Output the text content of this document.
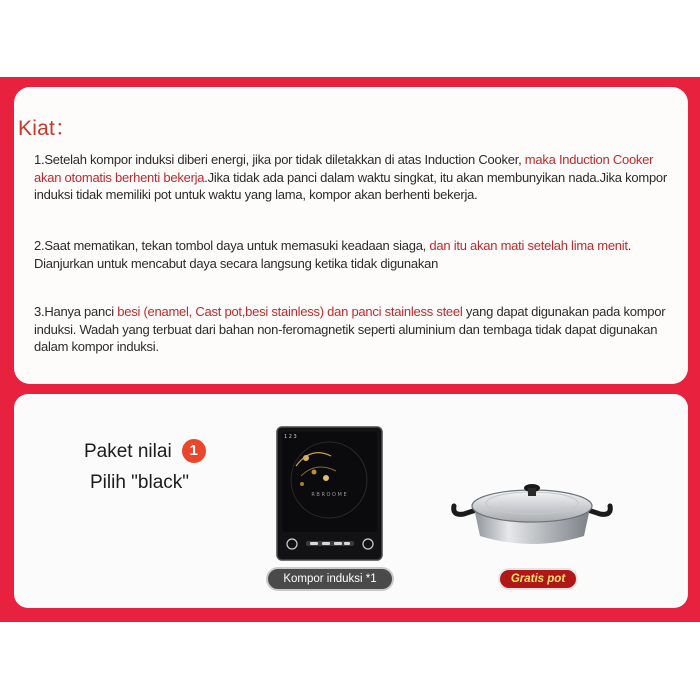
Kiat：
1.Setelah kompor induksi diberi energi, jika por tidak diletakkan di atas Induction Cooker, maka Induction Cooker akan otomatis berhenti bekerja.Jika tidak ada panci dalam waktu singkat, itu akan membunyikan nada.Jika kompor induksi tidak memiliki pot untuk waktu yang lama, kompor akan berhenti bekerja.
2.Saat mematikan, tekan tombol daya untuk memasuki keadaan siaga, dan itu akan mati setelah lima menit. Dianjurkan untuk mencabut daya secara langsung ketika tidak digunakan
3.Hanya panci besi (enamel, Cast pot,besi stainless) dan panci stainless steel yang dapat digunakan pada kompor induksi. Wadah yang terbuat dari bahan non-feromagnetik seperti aluminium dan tembaga tidak dapat digunakan dalam kompor induksi.
Paket nilai	1
Pilih "black"
R B R O O M E
1 2 3
Kompor induksi *1	Gratis pot
